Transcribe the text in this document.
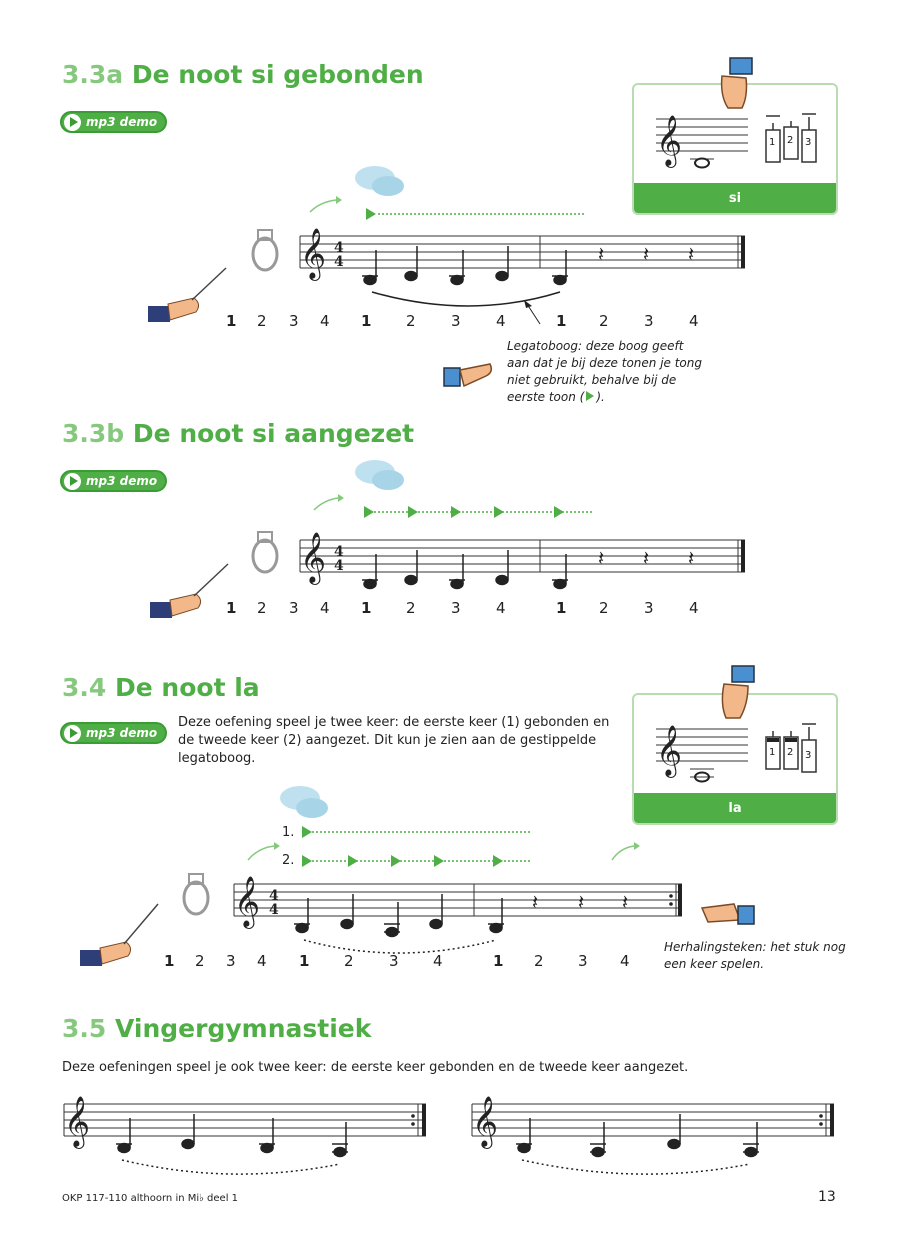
3.3a De noot si gebonden
mp3 demo	𝄞	1 2 3
si
𝄞 4
4	𝄽 𝄽 𝄽
1 2 3 4 1 2 3 4	1 2 3 4
Legatoboog: deze boog geeft aan dat je bij deze tonen je tong niet gebruikt, behalve bij de eerste toon ( ).
3.3b De noot si aangezet
mp3 demo
𝄞 4
4	𝄽 𝄽 𝄽
1 2 3 4 1 2 3 4	1 2 3 4
3.4 De noot la
mp3 demo
Deze oefening speel je twee keer: de eerste keer (1) gebonden en de tweede keer (2) aangezet. Dit kun je zien aan de gestippelde legatoboog.	𝄞	1 2 3
la
𝄞 4
4	𝄽 𝄽 𝄽
1.
2.
1 2 3 4 1 2 3 4	1 2 3 4
Herhalingsteken: het stuk nog een keer spelen.
3.5 Vingergymnastiek
Deze oefeningen speel je ook twee keer: de eerste keer gebonden en de tweede keer aangezet.
𝄞	𝄞
OKP 117-110 althoorn in Mi♭ deel 1	13
